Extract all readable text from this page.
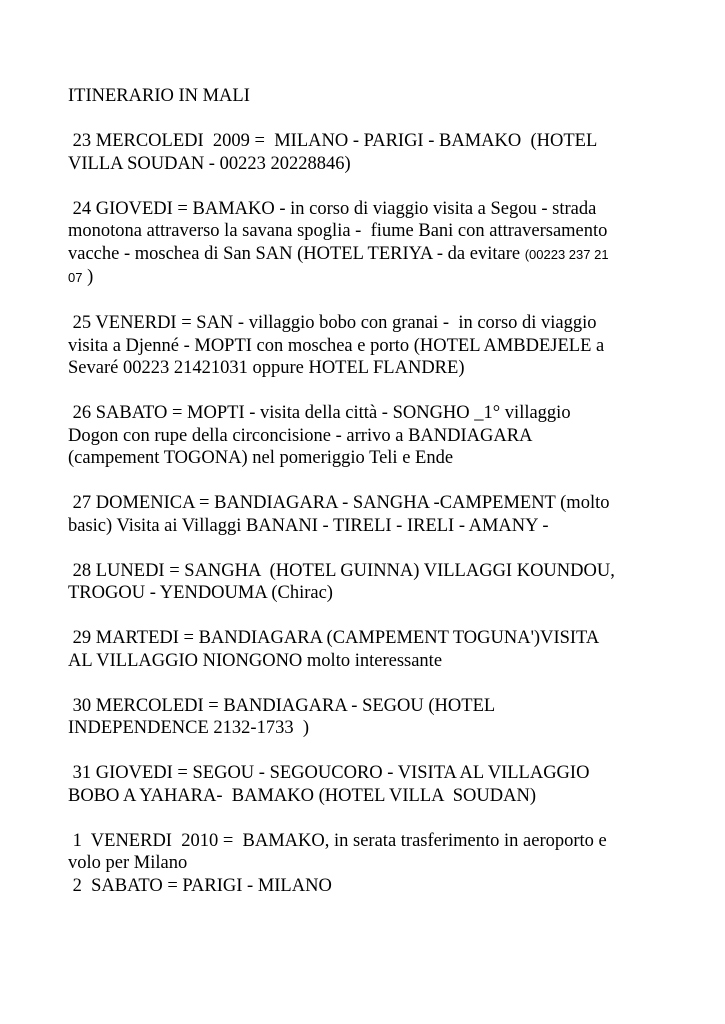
ITINERARIO IN MALI

23 MERCOLEDI  2009 =  MILANO - PARIGI - BAMAKO  (HOTEL
VILLA SOUDAN - 00223 20228846)
24 GIOVEDI = BAMAKO - in corso di viaggio visita a Segou - strada
monotona attraverso la savana spoglia -  fiume Bani con attraversamento
vacche - moschea di San SAN (HOTEL TERIYA - da evitare (00223 237 21
07 )
25 VENERDI = SAN - villaggio bobo con granai -  in corso di viaggio
visita a Djenné - MOPTI con moschea e porto (HOTEL AMBDEJELE a
Sevaré 00223 21421031 oppure HOTEL FLANDRE)
26 SABATO = MOPTI - visita della città - SONGHO _1° villaggio
Dogon con rupe della circoncisione - arrivo a BANDIAGARA
(campement TOGONA) nel pomeriggio Teli e Ende
27 DOMENICA = BANDIAGARA - SANGHA -CAMPEMENT (molto
basic) Visita ai Villaggi BANANI - TIRELI - IRELI - AMANY -
28 LUNEDI = SANGHA  (HOTEL GUINNA) VILLAGGI KOUNDOU,
TROGOU - YENDOUMA (Chirac)
29 MARTEDI = BANDIAGARA (CAMPEMENT TOGUNA')VISITA
AL VILLAGGIO NIONGONO molto interessante
30 MERCOLEDI = BANDIAGARA - SEGOU (HOTEL
INDEPENDENCE 2132-1733  )
31 GIOVEDI = SEGOU - SEGOUCORO - VISITA AL VILLAGGIO
BOBO A YAHARA-  BAMAKO (HOTEL VILLA  SOUDAN)
1  VENERDI  2010 =  BAMAKO, in serata trasferimento in aeroporto e
volo per Milano
2  SABATO = PARIGI - MILANO
